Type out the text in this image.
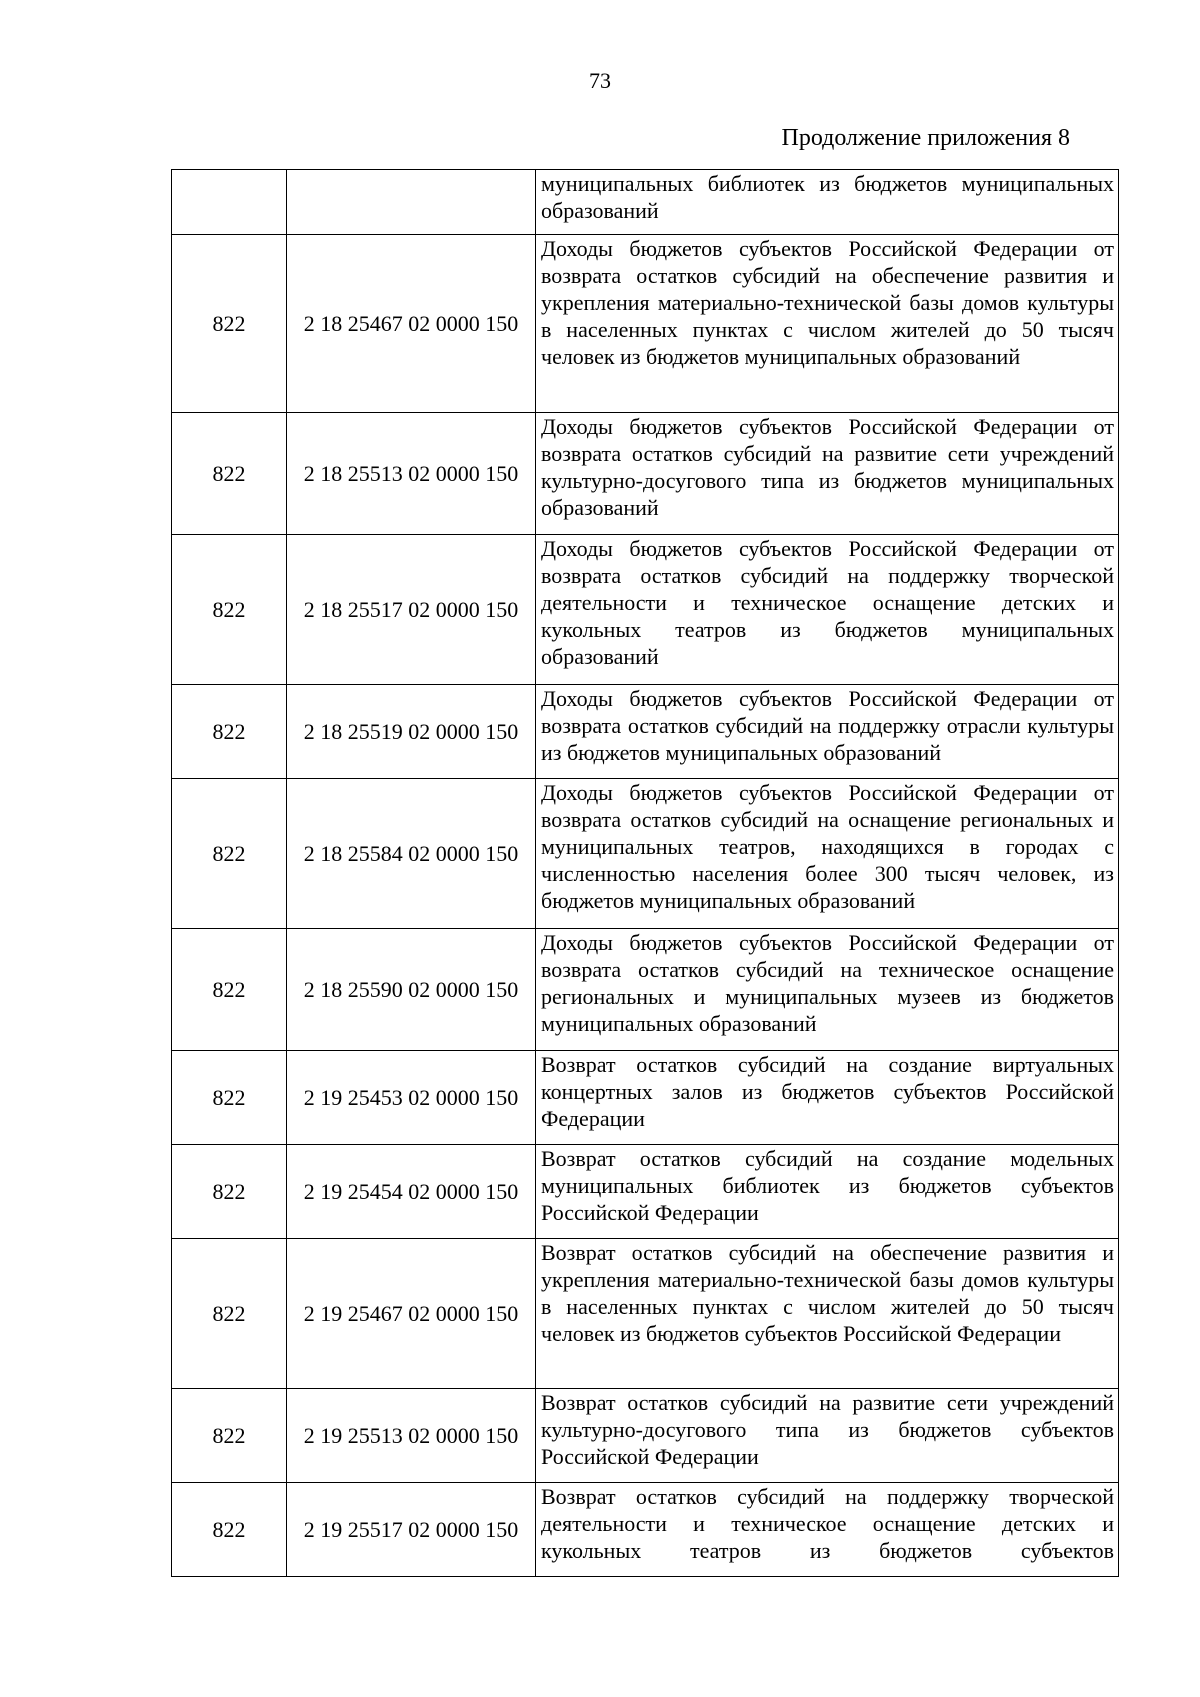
73
Продолжение приложения 8
		муниципальных библиотек из бюджетов муниципальных образований
822	2 18 25467 02 0000 150	Доходы бюджетов субъектов Российской Федерации от возврата остатков субсидий на обеспечение развития и укрепления материально-технической базы домов культуры в населенных пунктах с числом жителей до 50 тысяч человек из бюджетов муниципальных образований
822	2 18 25513 02 0000 150	Доходы бюджетов субъектов Российской Федерации от возврата остатков субсидий на развитие сети учреждений культурно-досугового типа из бюджетов муниципальных образований
822	2 18 25517 02 0000 150	Доходы бюджетов субъектов Российской Федерации от возврата остатков субсидий на поддержку творческой деятельности и техническое оснащение детских и кукольных театров из бюджетов муниципальных образований
822	2 18 25519 02 0000 150	Доходы бюджетов субъектов Российской Федерации от возврата остатков субсидий на поддержку отрасли культуры из бюджетов муниципальных образований
822	2 18 25584 02 0000 150	Доходы бюджетов субъектов Российской Федерации от возврата остатков субсидий на оснащение региональных и муниципальных театров, находящихся в городах с численностью населения более 300 тысяч человек, из бюджетов муниципальных образований
822	2 18 25590 02 0000 150	Доходы бюджетов субъектов Российской Федерации от возврата остатков субсидий на техническое оснащение региональных и муниципальных музеев из бюджетов муниципальных образований
822	2 19 25453 02 0000 150	Возврат остатков субсидий на создание виртуальных концертных залов из бюджетов субъектов Российской Федерации
822	2 19 25454 02 0000 150	Возврат остатков субсидий на создание модельных муниципальных библиотек из бюджетов субъектов Российской Федерации
822	2 19 25467 02 0000 150	Возврат остатков субсидий на обеспечение развития и укрепления материально-технической базы домов культуры в населенных пунктах с числом жителей до 50 тысяч человек из бюджетов субъектов Российской Федерации
822	2 19 25513 02 0000 150	Возврат остатков субсидий на развитие сети учреждений культурно-досугового типа из бюджетов субъектов Российской Федерации
822	2 19 25517 02 0000 150	Возврат остатков субсидий на поддержку творческой деятельности и техническое оснащение детских и кукольных театров из бюджетов субъектов
